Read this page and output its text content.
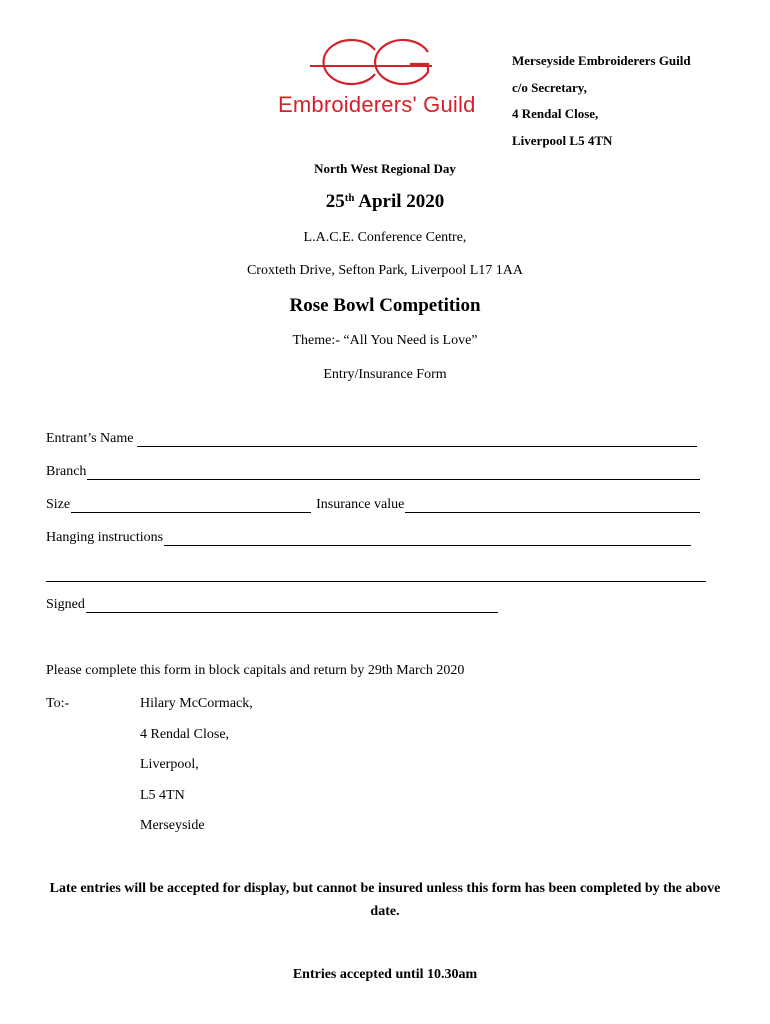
Embroiderers' Guild
Merseyside Embroiderers Guild
c/o Secretary,
4 Rendal Close,
Liverpool L5 4TN
North West Regional Day
25th April 2020
L.A.C.E. Conference Centre,
Croxteth Drive, Sefton Park, Liverpool L17 1AA
Rose Bowl Competition
Theme:- “All You Need is Love”
Entry/Insurance Form
Entrant’s Name
Branch
Size	Insurance value
Hanging instructions
Signed
Please complete this form in block capitals and return by 29th March 2020
To:-	Hilary McCormack,
4 Rendal Close,
Liverpool,
L5 4TN
Merseyside
Late entries will be accepted for display, but cannot be insured unless this form has been completed by the above date.
Entries accepted until 10.30am
